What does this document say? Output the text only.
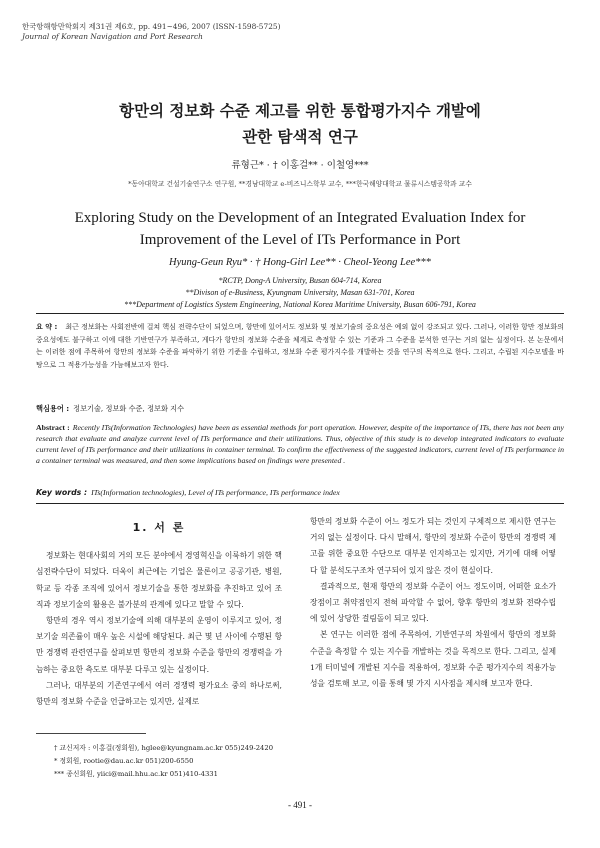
한국항해항만학회지 제31권 제6호, pp. 491~496, 2007 (ISSN-1598-5725)
Journal of Korean Navigation and Port Research
항만의 정보화 수준 제고를 위한 통합평가지수 개발에
관한 탐색적 연구
류형근* · † 이홍걸** · 이철영***
*동아대학교 건설기술연구소 연구원, **경남대학교 e-비즈니스학부 교수, ***한국해양대학교 물류시스템공학과 교수
Exploring Study on the Development of an Integrated Evaluation Index for
Improvement of the Level of ITs Performance in Port
Hyung-Geun Ryu* · † Hong-Girl Lee** · Cheol-Yeong Lee***
*RCTP, Dong-A University, Busan 604-714, Korea
**Divison of e-Business, Kyungnam University, Masan 631-701, Korea
***Department of Logistics System Engineering, National Korea Maritime University, Busan 606-791, Korea
요 약 : 최근 정보화는 사회전반에 걸쳐 핵심 전략수단이 되었으며, 항만에 있어서도 정보화 및 정보기술의 중요성은 예외 없이 강조되고 있다. 그러나, 이러한 항만 정보화의 중요성에도 불구하고 이에 대한 기반연구가 부족하고, 게다가 항만의 정보화 수준을 체계로 측정할 수 있는 기준과 그 수준을 분석한 연구는 거의 없는 실정이다. 본 논문에서는 이러한 점에 주목하여 항만의 정보화 수준을 파악하기 위한 기준을 수립하고, 정보화 수준 평가지수를 개발하는 것을 연구의 목적으로 한다. 그리고, 수립된 지수모델을 바탕으로 그 적용가능성을 가늠해보고자 한다.
핵심용어 : 정보기술, 정보화 수준, 정보화 지수
Abstract : Recently ITs(Information Technologies) have been as essential methods for port operation. However, despite of the importance of ITs, there has not been any research that evaluate and analyze current level of ITs performance and their utilizations. Thus, objective of this study is to develop integrated indicators to evaluate current level of ITs performance and their utilizations in container terminal. To confirm the effectiveness of the suggested indicators, current level of ITs performance in a container terminal was measured, and then some implications based on findings were presented .
Key words : ITs(Information technologies), Level of ITs performance, ITs performance index
1. 서 론

정보화는 현대사회의 거의 모든 분야에서 경영혁신을 이룩하기 위한 핵심전략수단이 되었다. 더욱이 최근에는 기업은 물론이고 공공기관, 병원, 학교 등 각종 조직에 있어서 정보기술을 통한 정보화를 추진하고 있어 조직과 정보기술의 활용은 불가분의 관계에 있다고 말할 수 있다.

항만의 경우 역시 정보기술에 의해 대부분의 운영이 이루지고 있어, 정보기술 의존률이 매우 높은 시설에 해당된다. 최근 몇 년 사이에 수행된 항만 경쟁력 관련연구를 살펴보면 항만의 정보화 수준을 항만의 경쟁력을 가늠하는 중요한 측도로 대부분 다루고 있는 실정이다.

그러나, 대부분의 기존연구에서 여러 경쟁력 평가요소 중의 하나로써, 항만의 정보화 수준을 언급하고는 있지만, 실제로

항만의 정보화 수준이 어느 정도가 되는 것인지 구체적으로 제시한 연구는 거의 없는 실정이다. 다시 말해서, 항만의 정보화 수준이 항만의 경쟁력 제고를 위한 중요한 수단으로 대부분 인지하고는 있지만, 거기에 대해 어떻다 할 분석도구조차 연구되어 있지 않은 것이 현실이다.

결과적으로, 현재 항만의 정보화 수준이 어느 정도이며, 어떠한 요소가 장점이고 취약점인지 전혀 파악할 수 없어, 향후 항만의 정보화 전략수립에 있어 상당한 걸림돌이 되고 있다.

본 연구는 이러한 점에 주목하여, 기반연구의 차원에서 항만의 정보화 수준을 측정할 수 있는 지수를 개발하는 것을 목적으로 한다. 그리고, 실제 1개 터미널에 개발된 지수를 적용하여, 정보화 수준 평가지수의 적용가능성을 검토해 보고, 이를 통해 몇 가지 시사점을 제시해 보고자 한다.

† 교신저자 : 이홍걸(정회원), hglee@kyungnam.ac.kr 055)249-2420
* 정회원, rootie@dau.ac.kr 051)200-6550
*** 종신회원, yiici@mail.hhu.ac.kr 051)410-4331
- 491 -
